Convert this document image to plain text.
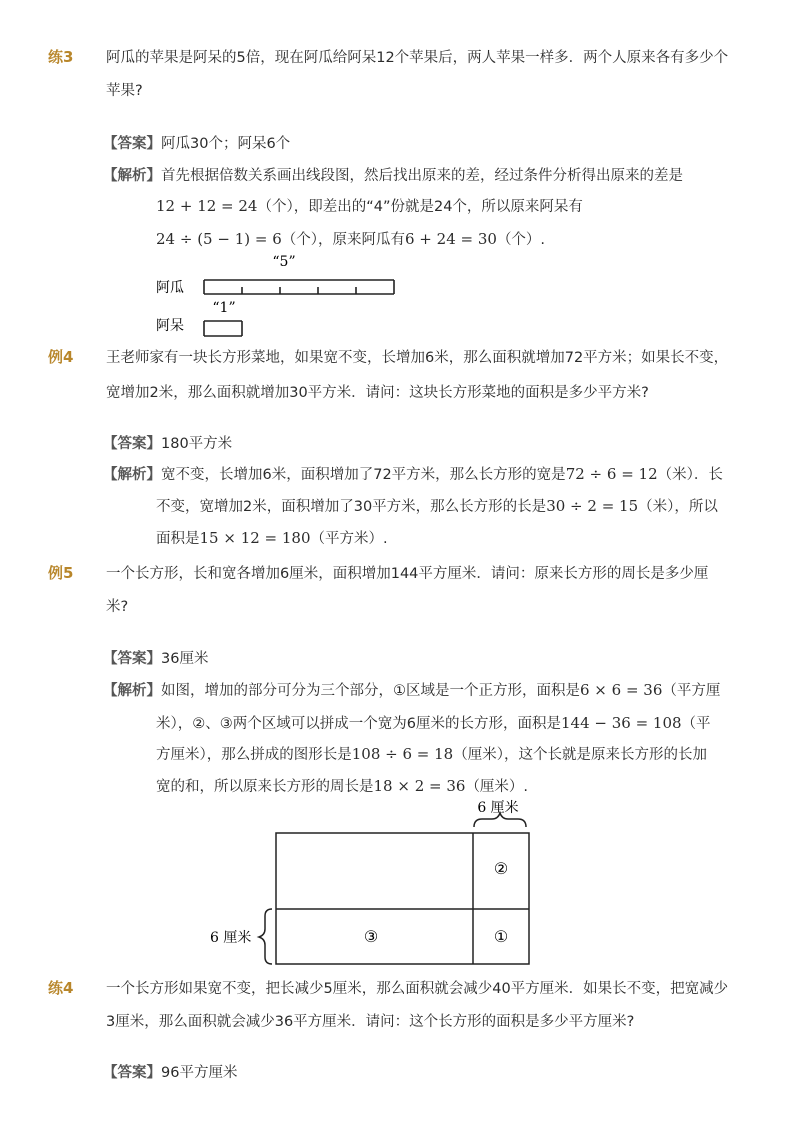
练3 阿瓜的苹果是阿呆的5倍，现在阿瓜给阿呆12个苹果后，两人苹果一样多．两个人原来各有多少个
苹果?
【答案】阿瓜30个；阿呆6个
【解析】首先根据倍数关系画出线段图，然后找出原来的差，经过条件分析得出原来的差是
12 + 12 = 24（个），即差出的“4”份就是24个，所以原来阿呆有
24 ÷ (5 − 1) = 6（个），原来阿瓜有6 + 24 = 30（个）.
“5”
阿瓜
“1”
阿呆
例4 王老师家有一块长方形菜地，如果宽不变，长增加6米，那么面积就增加72平方米；如果长不变，
宽增加2米，那么面积就增加30平方米．请问：这块长方形菜地的面积是多少平方米?
【答案】180平方米
【解析】宽不变，长增加6米，面积增加了72平方米，那么长方形的宽是72 ÷ 6 = 12（米）．长
不变，宽增加2米，面积增加了30平方米，那么长方形的长是30 ÷ 2 = 15（米），所以
面积是15 × 12 = 180（平方米）.
例5 一个长方形，长和宽各增加6厘米，面积增加144平方厘米．请问：原来长方形的周长是多少厘
米?
【答案】36厘米
【解析】如图，增加的部分可分为三个部分，①区域是一个正方形，面积是6 × 6 = 36（平方厘
米），②、③两个区域可以拼成一个宽为6厘米的长方形，面积是144 − 36 = 108（平
方厘米），那么拼成的图形长是108 ÷ 6 = 18（厘米），这个长就是原来长方形的长加
宽的和，所以原来长方形的周长是18 × 2 = 36（厘米）.
6 厘米
6 厘米
②
①
③
练4 一个长方形如果宽不变，把长减少5厘米，那么面积就会减少40平方厘米．如果长不变，把宽减少
3厘米，那么面积就会减少36平方厘米．请问：这个长方形的面积是多少平方厘米?
【答案】96平方厘米
